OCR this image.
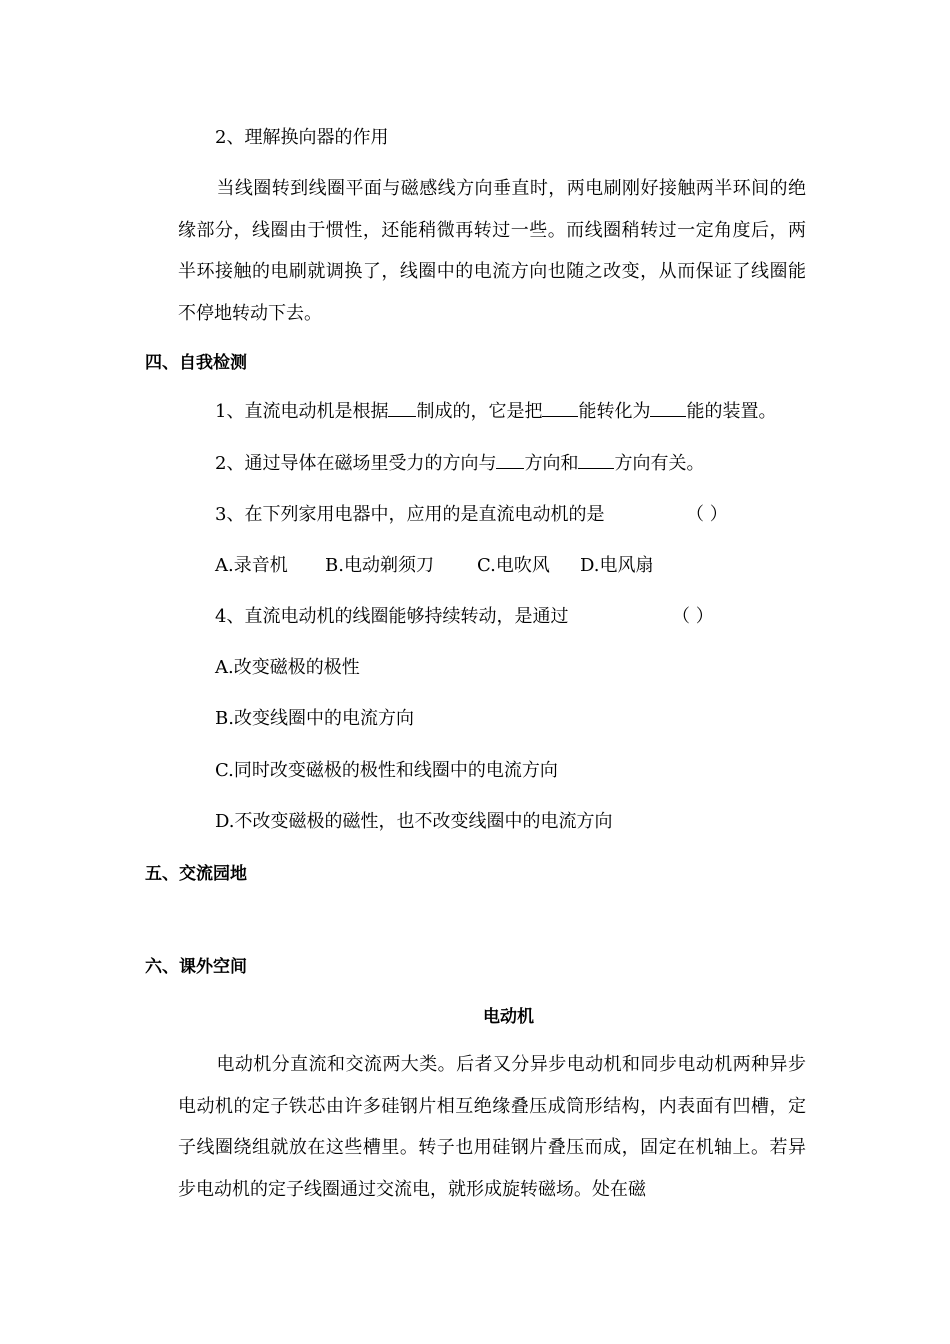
2、理解换向器的作用
当线圈转到线圈平面与磁感线方向垂直时，两电刷刚好接触两半环间的绝缘部分，线圈由于惯性，还能稍微再转过一些。而线圈稍转过一定角度后，两半环接触的电刷就调换了，线圈中的电流方向也随之改变，从而保证了线圈能不停地转动下去。
四、自我检测
1、直流电动机是根据 制成的，它是把 能转化为 能的装置。
2、通过导体在磁场里受力的方向与 方向和 方向有关。
3、在下列家用电器中，应用的是直流电动机的是	（ ）
A.录音机 B.电动剃须刀 C.电吹风 D.电风扇
4、直流电动机的线圈能够持续转动，是通过	（ ）
A.改变磁极的极性
B.改变线圈中的电流方向
C.同时改变磁极的极性和线圈中的电流方向
D.不改变磁极的磁性，也不改变线圈中的电流方向
五、交流园地
六、课外空间
电动机
电动机分直流和交流两大类。后者又分异步电动机和同步电动机两种异步电动机的定子铁芯由许多硅钢片相互绝缘叠压成筒形结构，内表面有凹槽，定子线圈绕组就放在这些槽里。转子也用硅钢片叠压而成，固定在机轴上。若异步电动机的定子线圈通过交流电，就形成旋转磁场。处在磁
